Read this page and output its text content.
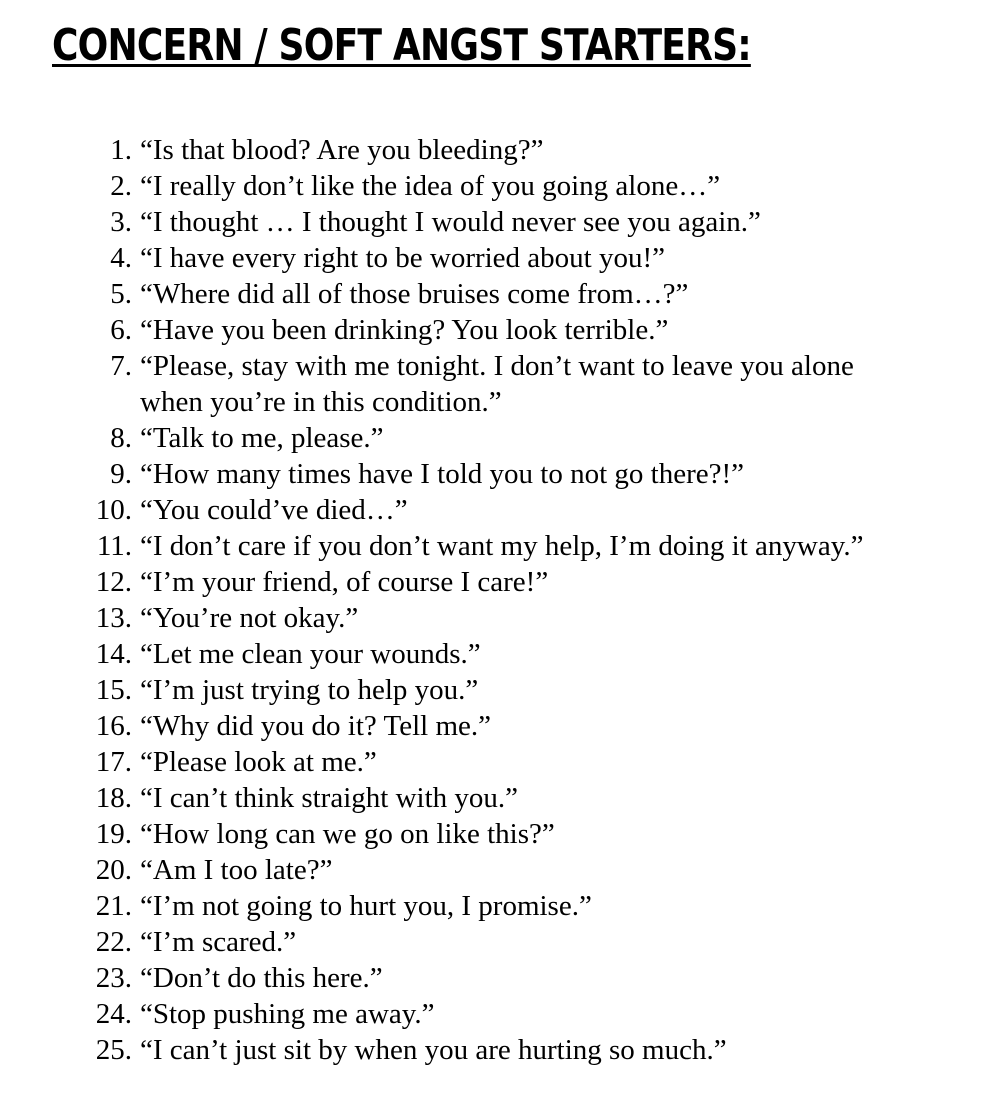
CONCERN / SOFT ANGST STARTERS:
1. “Is that blood? Are you bleeding?”
2. “I really don’t like the idea of you going alone…”
3. “I thought … I thought I would never see you again.”
4. “I have every right to be worried about you!”
5. “Where did all of those bruises come from…?”
6. “Have you been drinking? You look terrible.”
7. “Please, stay with me tonight. I don’t want to leave you alone when you’re in this condition.”
8. “Talk to me, please.”
9. “How many times have I told you to not go there?!”
10. “You could’ve died…”
11. “I don’t care if you don’t want my help, I’m doing it anyway.”
12. “I’m your friend, of course I care!”
13. “You’re not okay.”
14. “Let me clean your wounds.”
15. “I’m just trying to help you.”
16. “Why did you do it? Tell me.”
17. “Please look at me.”
18. “I can’t think straight with you.”
19. “How long can we go on like this?”
20. “Am I too late?”
21. “I’m not going to hurt you, I promise.”
22. “I’m scared.”
23. “Don’t do this here.”
24. “Stop pushing me away.”
25. “I can’t just sit by when you are hurting so much.”
